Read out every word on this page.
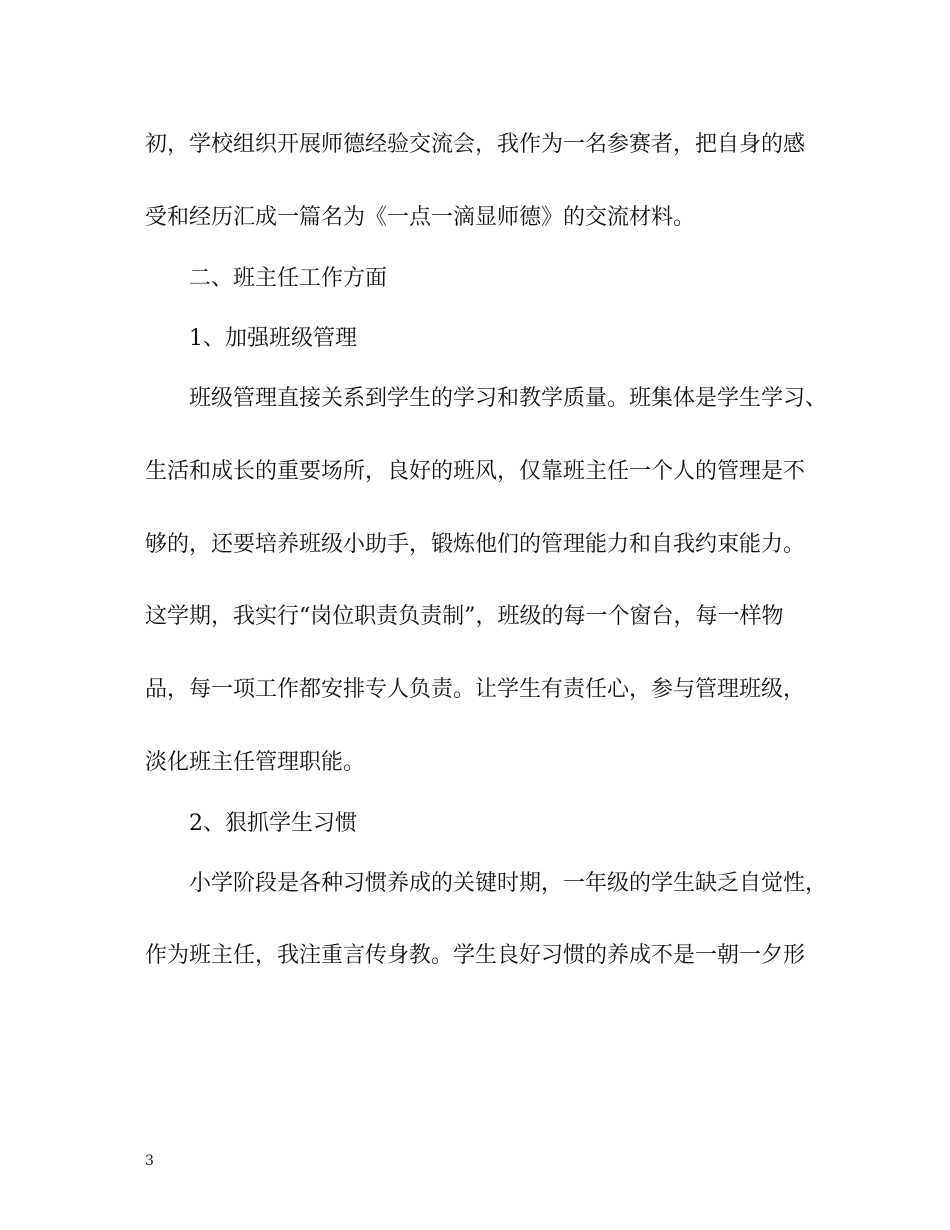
初，学校组织开展师德经验交流会，我作为一名参赛者，把自身的感
受和经历汇成一篇名为《一点一滴显师德》的交流材料。
二、班主任工作方面
1、加强班级管理
班级管理直接关系到学生的学习和教学质量。班集体是学生学习、
生活和成长的重要场所，良好的班风，仅靠班主任一个人的管理是不
够的，还要培养班级小助手，锻炼他们的管理能力和自我约束能力。
这学期，我实行“岗位职责负责制”，班级的每一个窗台，每一样物
品，每一项工作都安排专人负责。让学生有责任心，参与管理班级，
淡化班主任管理职能。
2、狠抓学生习惯
小学阶段是各种习惯养成的关键时期，一年级的学生缺乏自觉性，
作为班主任，我注重言传身教。学生良好习惯的养成不是一朝一夕形
3
